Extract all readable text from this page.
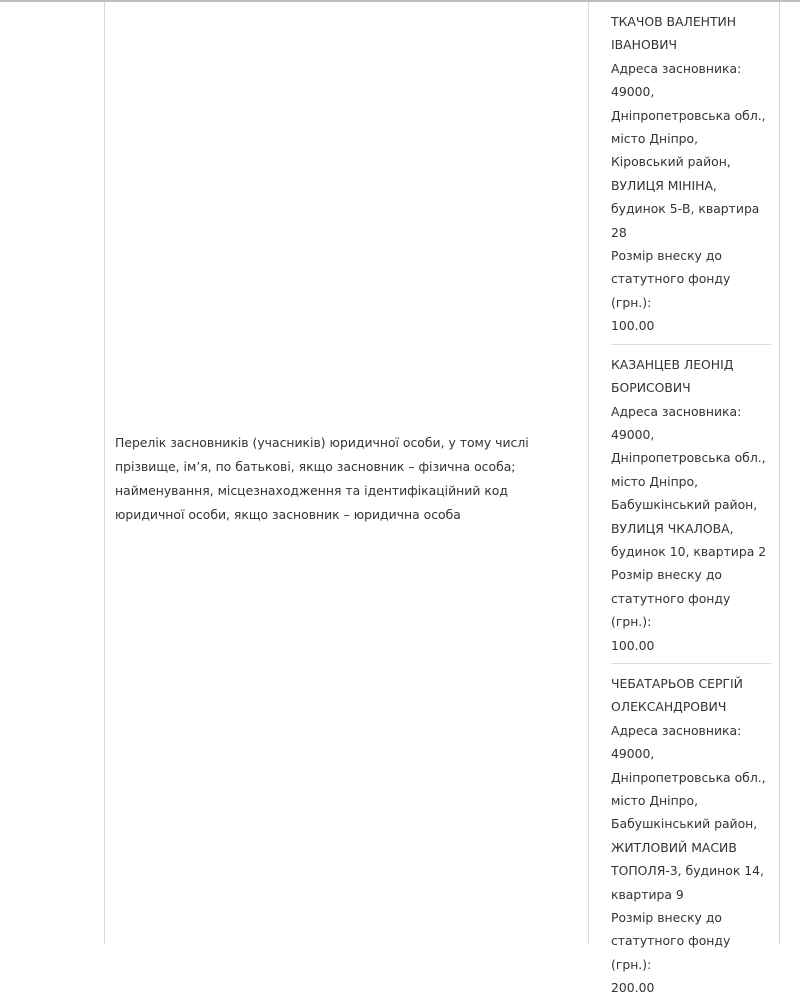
Перелік засновників (учасників) юридичної особи, у тому числі прізвище, ім’я, по батькові, якщо засновник – фізична особа; найменування, місцезнаходження та ідентифікаційний код юридичної особи, якщо засновник – юридична особа
ТКАЧОВ ВАЛЕНТИН ІВАНОВИЧ
Адреса засновника:
49000,
Дніпропетровська обл.,
місто Дніпро,
Кіровський район,
ВУЛИЦЯ МІНІНА,
будинок 5-В, квартира 28
Розмір внеску до статутного фонду (грн.):
100.00
КАЗАНЦЕВ ЛЕОНІД БОРИСОВИЧ
Адреса засновника:
49000,
Дніпропетровська обл.,
місто Дніпро,
Бабушкінський район,
ВУЛИЦЯ ЧКАЛОВА,
будинок 10, квартира 2
Розмір внеску до статутного фонду (грн.):
100.00
ЧЕБАТАРЬОВ СЕРГІЙ ОЛЕКСАНДРОВИЧ
Адреса засновника:
49000,
Дніпропетровська обл.,
місто Дніпро,
Бабушкінський район,
ЖИТЛОВИЙ МАСИВ ТОПОЛЯ-3, будинок 14, квартира 9
Розмір внеску до статутного фонду (грн.):
200.00
